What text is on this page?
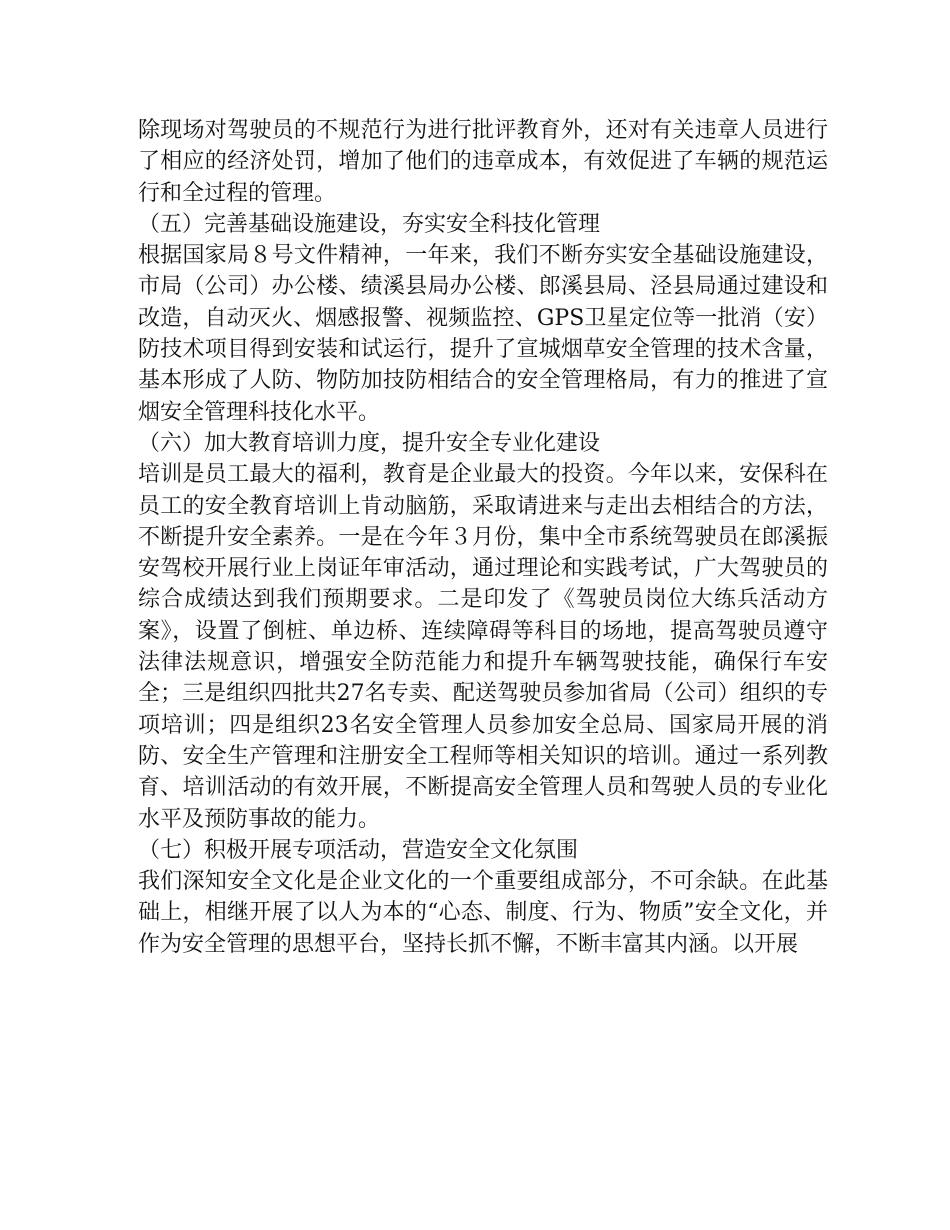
除现场对驾驶员的不规范行为进行批评教育外，还对有关违章人员进行了相应的经济处罚，增加了他们的违章成本，有效促进了车辆的规范运行和全过程的管理。

（五）完善基础设施建设，夯实安全科技化管理

根据国家局８号文件精神，一年来，我们不断夯实安全基础设施建设，市局（公司）办公楼、绩溪县局办公楼、郎溪县局、泾县局通过建设和改造，自动灭火、烟感报警、视频监控、GPS卫星定位等一批消（安）防技术项目得到安装和试运行，提升了宣城烟草安全管理的技术含量，基本形成了人防、物防加技防相结合的安全管理格局，有力的推进了宣烟安全管理科技化水平。

（六）加大教育培训力度，提升安全专业化建设

培训是员工最大的福利，教育是企业最大的投资。今年以来，安保科在员工的安全教育培训上肯动脑筋，采取请进来与走出去相结合的方法，不断提升安全素养。一是在今年３月份，集中全市系统驾驶员在郎溪振安驾校开展行业上岗证年审活动，通过理论和实践考试，广大驾驶员的综合成绩达到我们预期要求。二是印发了《驾驶员岗位大练兵活动方案》，设置了倒桩、单边桥、连续障碍等科目的场地，提高驾驶员遵守法律法规意识，增强安全防范能力和提升车辆驾驶技能，确保行车安全；三是组织四批共27名专卖、配送驾驶员参加省局（公司）组织的专项培训；四是组织23名安全管理人员参加安全总局、国家局开展的消防、安全生产管理和注册安全工程师等相关知识的培训。通过一系列教育、培训活动的有效开展，不断提高安全管理人员和驾驶人员的专业化水平及预防事故的能力。

（七）积极开展专项活动，营造安全文化氛围

我们深知安全文化是企业文化的一个重要组成部分，不可余缺。在此基础上，相继开展了以人为本的“心态、制度、行为、物质”安全文化，并作为安全管理的思想平台，坚持长抓不懈，不断丰富其内涵。以开展
